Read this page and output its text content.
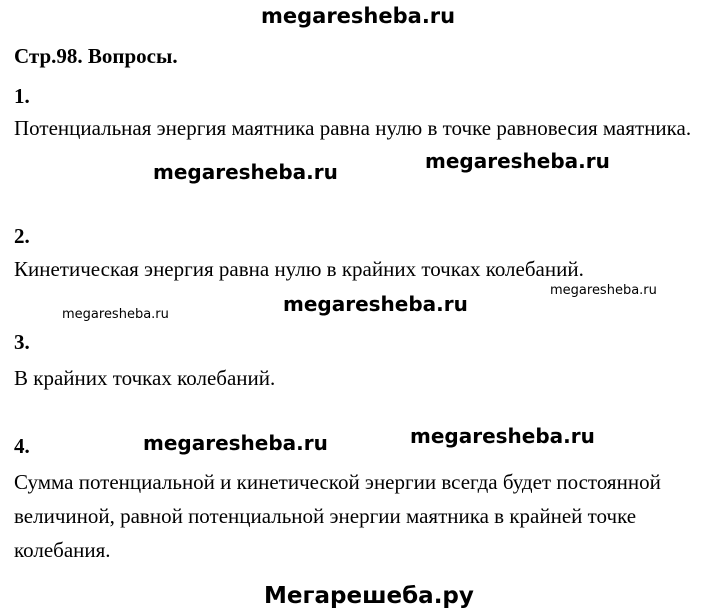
megaresheba.ru
Стр.98. Вопросы.
1.
Потенциальная энергия маятника равна нулю в точке равновесия маятника.
megaresheba.ru	megaresheba.ru
2.
Кинетическая энергия равна нулю в крайних точках колебаний.
megaresheba.ru
megaresheba.ru
megaresheba.ru
3.
В крайних точках колебаний.
megaresheba.ru	megaresheba.ru
4.
Сумма потенциальной и кинетической энергии всегда будет постоянной величиной, равной потенциальной энергии маятника в крайней точке колебания.
Мегарешеба.ру
